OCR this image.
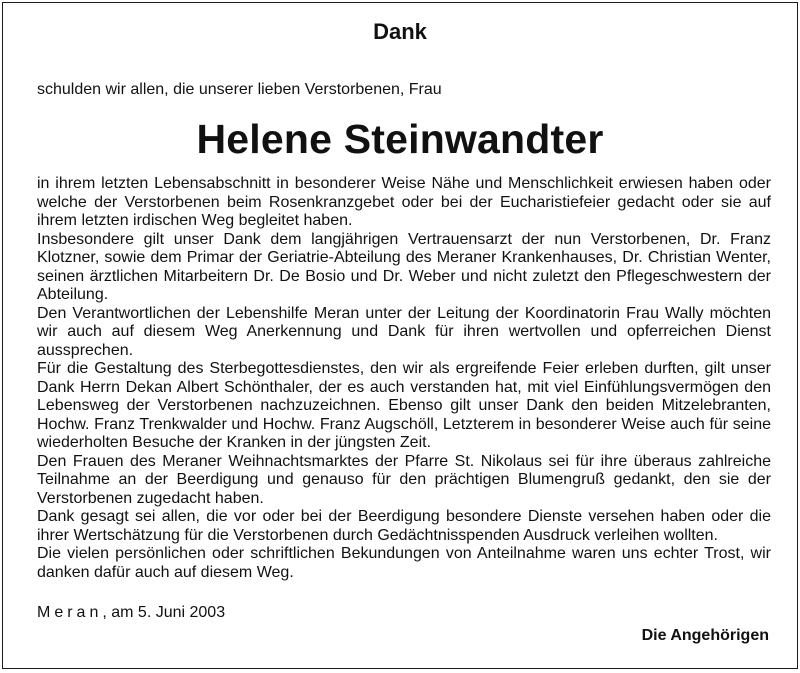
Dank
schulden wir allen, die unserer lieben Verstorbenen, Frau
Helene Steinwandter

in ihrem letzten Lebensabschnitt in besonderer Weise Nähe und Menschlichkeit erwiesen haben oder welche der Verstorbenen beim Rosenkranzgebet oder bei der Eucharistiefeier gedacht oder sie auf ihrem letzten irdischen Weg begleitet haben.

Insbesondere gilt unser Dank dem langjährigen Vertrauensarzt der nun Verstorbenen, Dr. Franz Klotzner, sowie dem Primar der Geriatrie-Abteilung des Meraner Krankenhauses, Dr. Christian Wenter, seinen ärztlichen Mitarbeitern Dr. De Bosio und Dr. Weber und nicht zuletzt den Pflegeschwestern der Abteilung.

Den Verantwortlichen der Lebenshilfe Meran unter der Leitung der Koordinatorin Frau Wally möchten wir auch auf diesem Weg Anerkennung und Dank für ihren wertvollen und opferreichen Dienst aussprechen.

Für die Gestaltung des Sterbegottesdienstes, den wir als ergreifende Feier erleben durften, gilt unser Dank Herrn Dekan Albert Schönthaler, der es auch verstanden hat, mit viel Einfühlungsvermögen den Lebensweg der Verstorbenen nachzuzeichnen. Ebenso gilt unser Dank den beiden Mitzelebranten, Hochw. Franz Trenkwalder und Hochw. Franz Augschöll, Letzterem in besonderer Weise auch für seine wiederholten Besuche der Kranken in der jüngsten Zeit.

Den Frauen des Meraner Weihnachtsmarktes der Pfarre St. Nikolaus sei für ihre überaus zahlreiche Teilnahme an der Beerdigung und genauso für den prächtigen Blumengruß gedankt, den sie der Verstorbenen zugedacht haben.

Dank gesagt sei allen, die vor oder bei der Beerdigung besondere Dienste versehen haben oder die ihrer Wertschätzung für die Verstorbenen durch Gedächtnisspenden Ausdruck verleihen wollten.

Die vielen persönlichen oder schriftlichen Bekundungen von Anteilnahme waren uns echter Trost, wir danken dafür auch auf diesem Weg.

Meran, am 5. Juni 2003
Die Angehörigen
